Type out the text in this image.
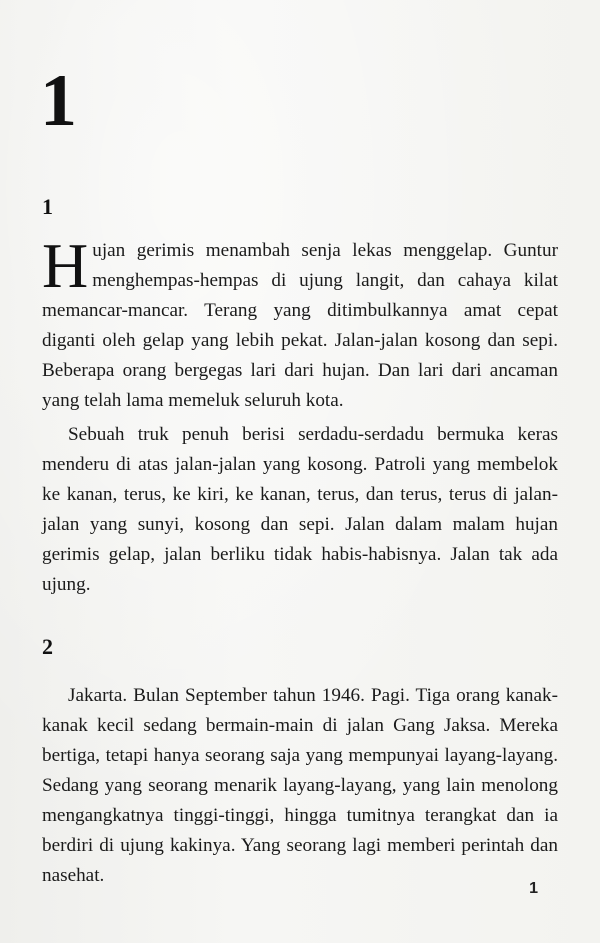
1
1

Hujan gerimis menambah senja lekas menggelap. Guntur menghempas-hempas di ujung langit, dan cahaya kilat memancar-mancar. Terang yang ditimbulkannya amat cepat diganti oleh gelap yang lebih pekat. Jalan-jalan kosong dan sepi. Beberapa orang bergegas lari dari hujan. Dan lari dari ancaman yang telah lama memeluk seluruh kota.

Sebuah truk penuh berisi serdadu-serdadu bermuka keras menderu di atas jalan-jalan yang kosong. Patroli yang membelok ke kanan, terus, ke kiri, ke kanan, terus, dan terus, terus di jalan-jalan yang sunyi, kosong dan sepi. Jalan dalam malam hujan gerimis gelap, jalan berliku tidak habis-habisnya. Jalan tak ada ujung.

2

Jakarta. Bulan September tahun 1946. Pagi. Tiga orang kanak-kanak kecil sedang bermain-main di jalan Gang Jaksa. Mereka bertiga, tetapi hanya seorang saja yang mempunyai layang-layang. Sedang yang seorang menarik layang-layang, yang lain menolong mengangkatnya tinggi-tinggi, hingga tumitnya terangkat dan ia berdiri di ujung kakinya. Yang seorang lagi memberi perintah dan nasehat.

1
